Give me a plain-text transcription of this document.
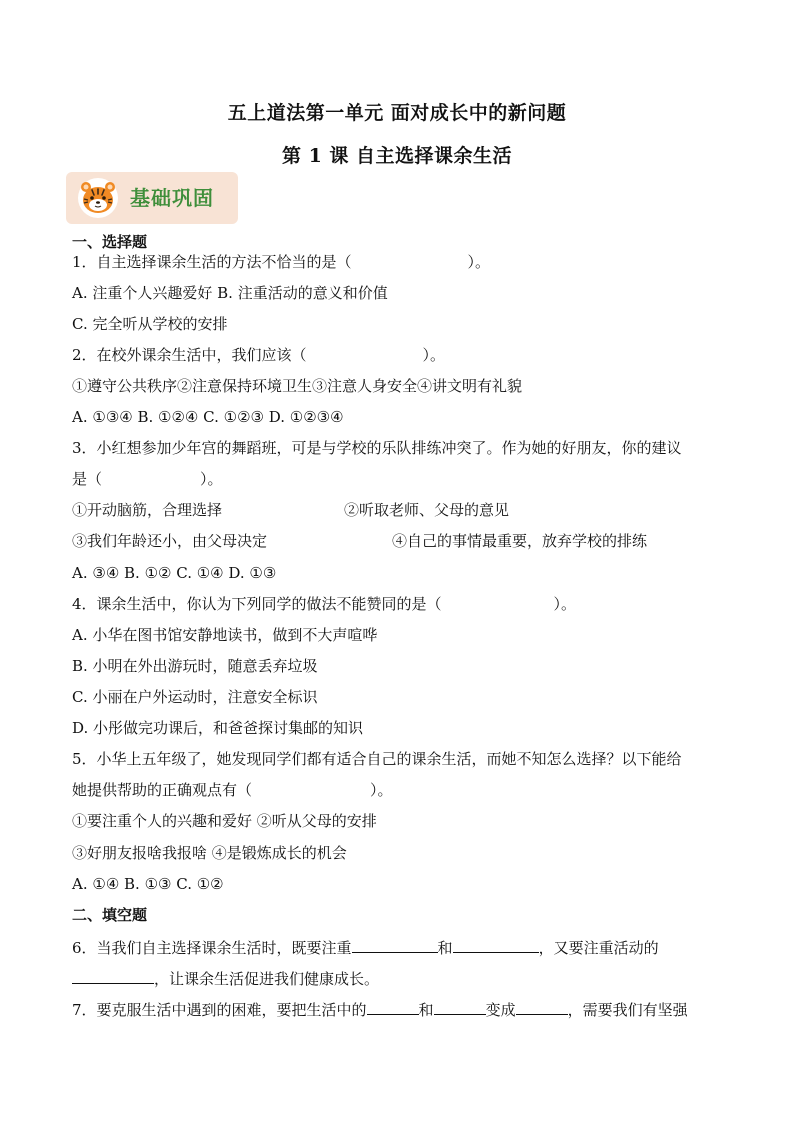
五上道法第一单元 面对成长中的新问题
第 1 课 自主选择课余生活
基础巩固
一、选择题
1．自主选择课余生活的方法不恰当的是（	）。
A. 注重个人兴趣爱好 B. 注重活动的意义和价值
C. 完全听从学校的安排
2．在校外课余生活中，我们应该（	）。
①遵守公共秩序②注意保持环境卫生③注意人身安全④讲文明有礼貌
A. ①③④ B. ①②④ C. ①②③ D. ①②③④
3．小红想参加少年宫的舞蹈班，可是与学校的乐队排练冲突了。作为她的好朋友，你的建议
是（	）。
①开动脑筋，合理选择	②听取老师、父母的意见
③我们年龄还小，由父母决定	④自己的事情最重要，放弃学校的排练
A. ③④ B. ①② C. ①④ D. ①③
4．课余生活中，你认为下列同学的做法不能赞同的是（	）。
A. 小华在图书馆安静地读书，做到不大声喧哗
B. 小明在外出游玩时，随意丢弃垃圾
C. 小丽在户外运动时，注意安全标识
D. 小彤做完功课后，和爸爸探讨集邮的知识
5．小华上五年级了，她发现同学们都有适合自己的课余生活，而她不知怎么选择？以下能给
她提供帮助的正确观点有（	）。
①要注重个人的兴趣和爱好 ②听从父母的安排
③好朋友报啥我报啥 ④是锻炼成长的机会
A. ①④ B. ①③ C. ①②
二、填空题
6．当我们自主选择课余生活时，既要注重	和	，又要注重活动的
，让课余生活促进我们健康成长。
7．要克服生活中遇到的困难，要把生活中的	和	变成	，需要我们有坚强
